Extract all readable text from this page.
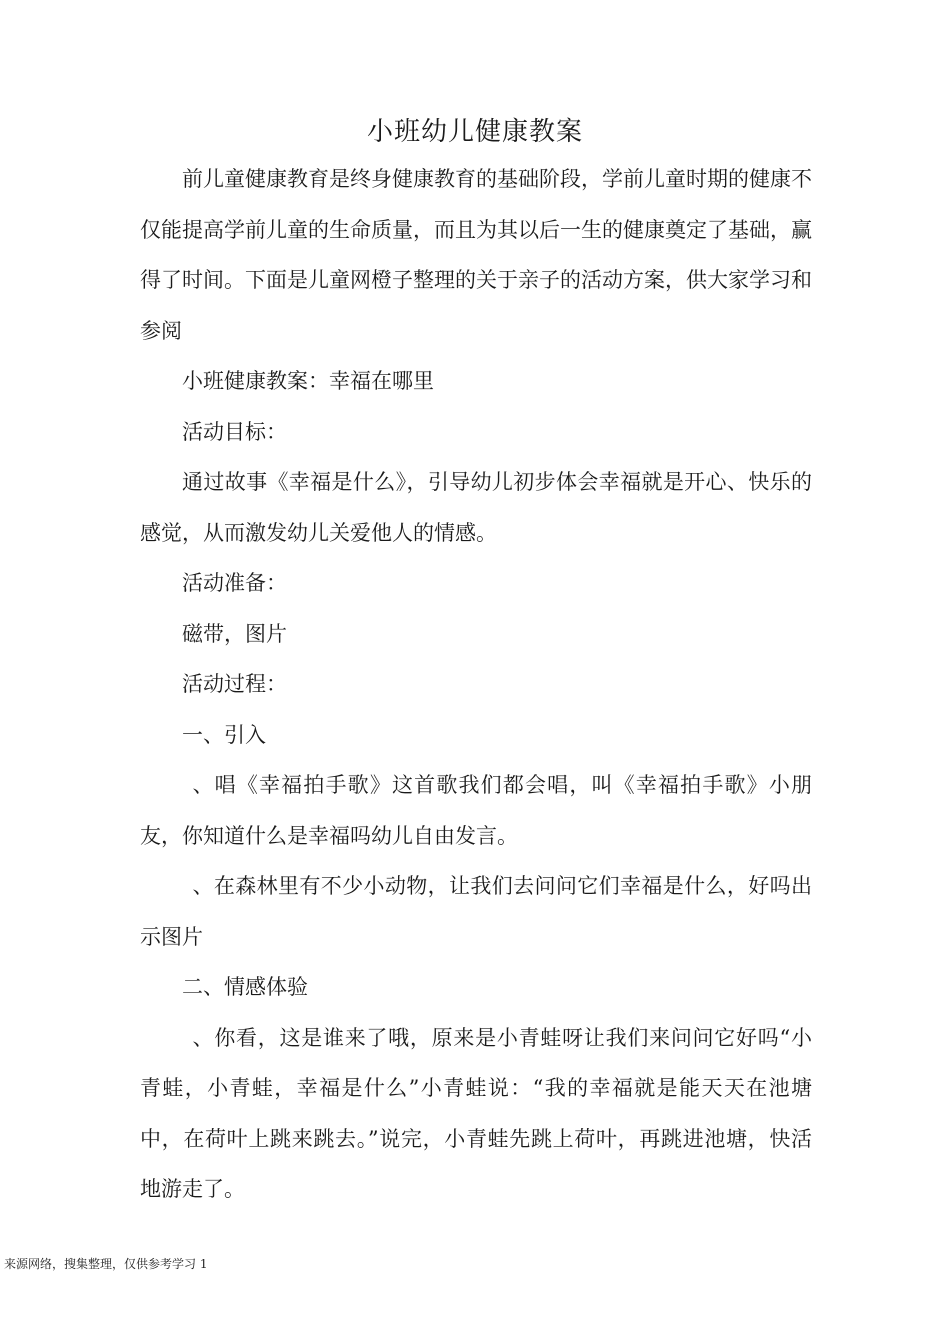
小班幼儿健康教案

前儿童健康教育是终身健康教育的基础阶段，学前儿童时期的健康不仅能提高学前儿童的生命质量，而且为其以后一生的健康奠定了基础，赢得了时间。下面是儿童网橙子整理的关于亲子的活动方案，供大家学习和参阅

小班健康教案：幸福在哪里

活动目标：

通过故事《幸福是什么》，引导幼儿初步体会幸福就是开心、快乐的感觉，从而激发幼儿关爱他人的情感。

活动准备：

磁带，图片

活动过程：

一、引入

、唱《幸福拍手歌》这首歌我们都会唱，叫《幸福拍手歌》小朋友，你知道什么是幸福吗幼儿自由发言。

、在森林里有不少小动物，让我们去问问它们幸福是什么，好吗出示图片

二、情感体验

、你看，这是谁来了哦，原来是小青蛙呀让我们来问问它好吗“小青蛙，小青蛙，幸福是什么”小青蛙说：“我的幸福就是能天天在池塘中，在荷叶上跳来跳去。”说完，小青蛙先跳上荷叶，再跳进池塘，快活地游走了。

来源网络，搜集整理，仅供参考学习 1
